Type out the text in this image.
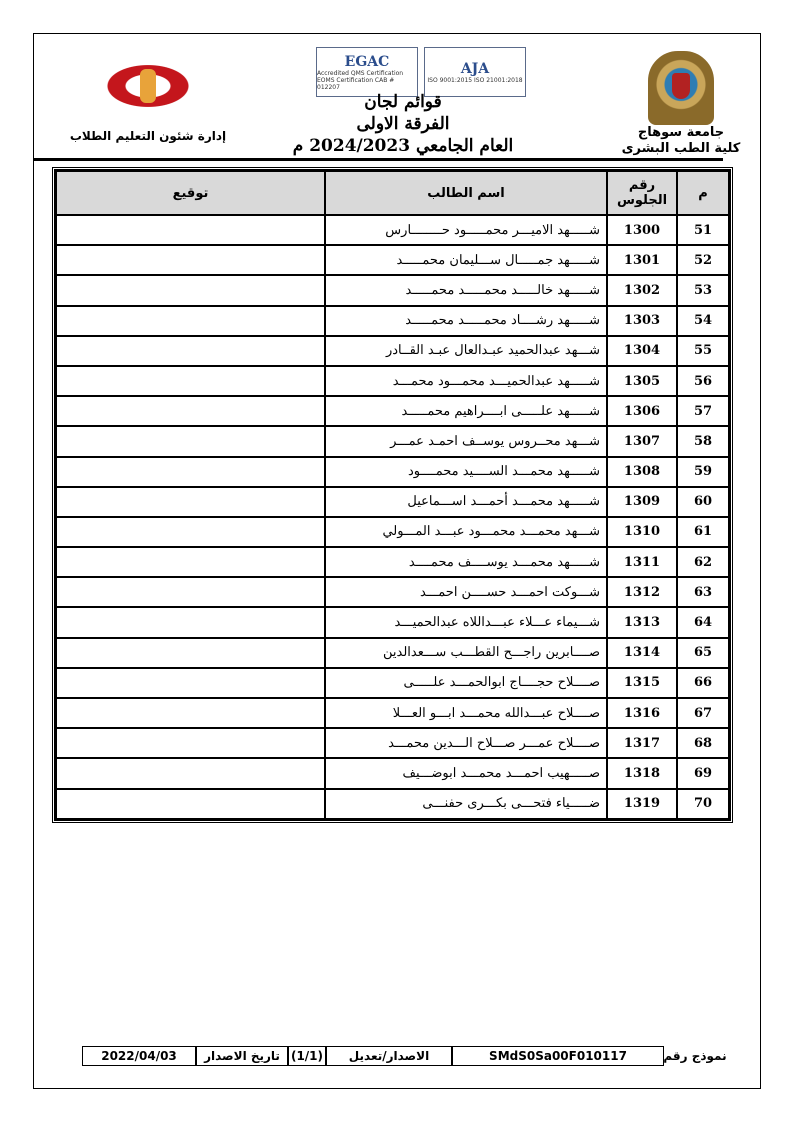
جامعة سوهاج
كلية الطب البشرى
EGAC
Accredited QMS Certification EOMS Certification CAB # 012207
AJA
ISO 9001:2015 ISO 21001:2018
قوائم لجان
الفرقة الاولى
العام الجامعي 2024/2023 م
إدارة شئون التعليم الطلاب
م	رقم الجلوس	اسم الطالب	توقيع
51	1300	شـــــهد الاميـــر محمـــــود حــــــــارس	
52	1301	شـــــهد جمـــــال ســـليمان محمـــــد	
53	1302	شـــــهد خالـــــد محمـــــد محمـــــد	
54	1303	شـــــهد رشــــاد محمـــــد محمـــــد	
55	1304	شـــهد عبدالحميد عبـدالعال عبـد القــادر	
56	1305	شـــــهد عبدالحميـــد محمـــود محمـــد	
57	1306	شـــــهد علـــــى ابــــراهيم محمـــــد	
58	1307	شـــهد محــروس يوســف احمـد عمـــر	
59	1308	شـــــهد محمـــد الســــيد محمــــود	
60	1309	شـــــهد محمـــد أحمـــد اســـماعيل	
61	1310	شـــهد محمـــد محمـــود عبـــد المـــولي	
62	1311	شـــــهد محمـــد يوســــف محمــــد	
63	1312	شـــوكت احمـــد حســــن احمـــد	
64	1313	شـــيماء عـــلاء عبـــداللاه عبدالحميـــد	
65	1314	صــــابرين راجـــح القطـــب ســـعدالدين	
66	1315	صــــلاح حجــــاج ابوالحمـــد علـــــى	
67	1316	صــــلاح عبـــدالله محمـــد ابـــو العـــلا	
68	1317	صــــلاح عمـــر صـــلاح الـــدين محمـــد	
69	1318	صـــــهيب احمـــد محمـــد ابوضـــيف	
70	1319	ضـــــياء فتحـــى بكـــرى حفنـــى	
نموذج رقم
SMdS0Sa00F010117
الاصدار/تعديل
(1/1)
تاريخ الاصدار
2022/04/03
